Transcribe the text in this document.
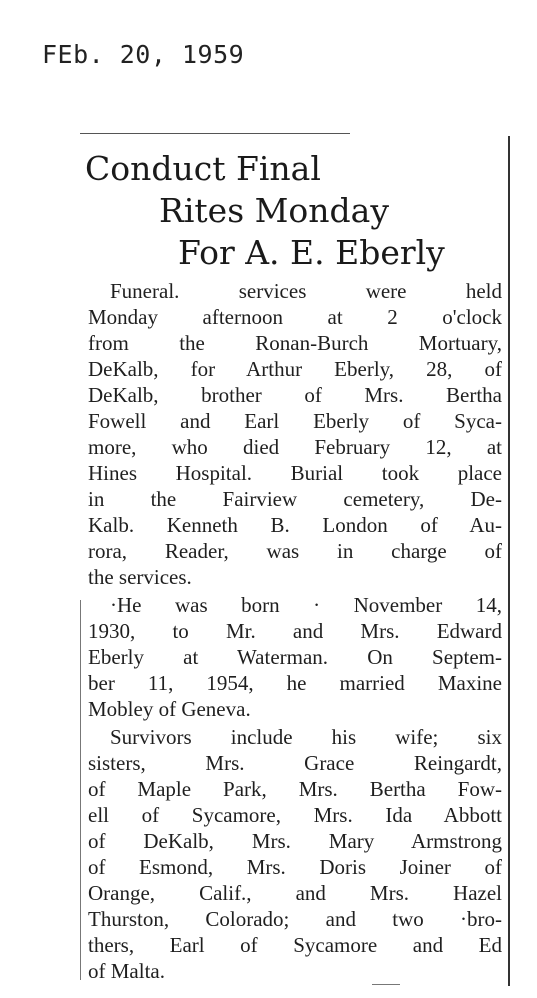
FEb. 20, 1959
Conduct Final
Rites Monday
For A. E. Eberly
Funeral. services were held
Monday afternoon at 2 o'clock
from the Ronan-Burch Mortuary,
DeKalb, for Arthur Eberly, 28, of
DeKalb, brother of Mrs. Bertha
Fowell and Earl Eberly of Syca-
more, who died February 12, at
Hines Hospital. Burial took place
in the Fairview cemetery, De-
Kalb. Kenneth B. London of Au-
rora, Reader, was in charge of
the services.
·He was born · November 14,
1930, to Mr. and Mrs. Edward
Eberly at Waterman. On Septem-
ber 11, 1954, he married Maxine
Mobley of Geneva.
Survivors include his wife; six
sisters, Mrs. Grace Reingardt,
of Maple Park, Mrs. Bertha Fow-
ell of Sycamore, Mrs. Ida Abbott
of DeKalb, Mrs. Mary Armstrong
of Esmond, Mrs. Doris Joiner of
Orange, Calif., and Mrs. Hazel
Thurston, Colorado; and two ·bro-
thers, Earl of Sycamore and Ed
of Malta.
